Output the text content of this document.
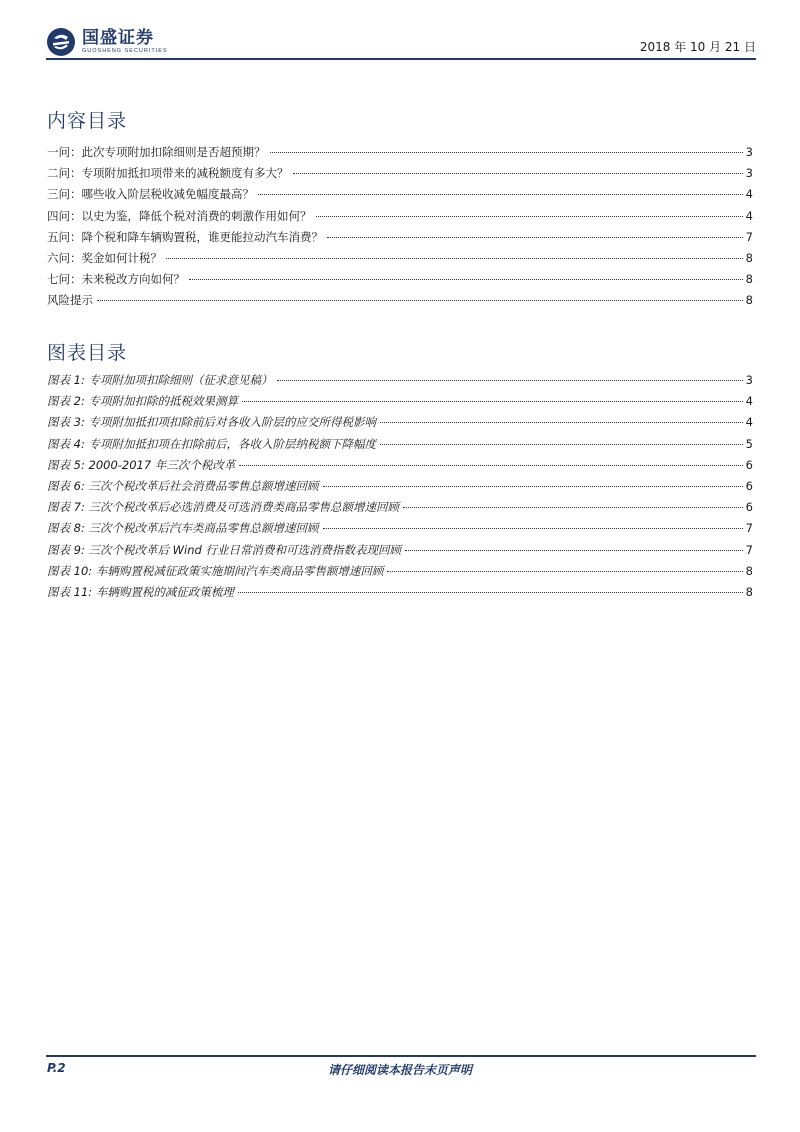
国盛证券
GUOSHENG SECURITIES	2018 年 10 月 21 日
内容目录
一问：此次专项附加扣除细则是否超预期？	3
二问：专项附加抵扣项带来的减税额度有多大？	3
三问：哪些收入阶层税收减免幅度最高？	4
四问：以史为鉴，降低个税对消费的刺激作用如何？	4
五问：降个税和降车辆购置税，谁更能拉动汽车消费？	7
六问：奖金如何计税？	8
七问：未来税改方向如何？	8
风险提示	8
图表目录
图表 1: 专项附加项扣除细则（征求意见稿）	3
图表 2: 专项附加扣除的抵税效果测算	4
图表 3: 专项附加抵扣项扣除前后对各收入阶层的应交所得税影响	4
图表 4: 专项附加抵扣项在扣除前后，各收入阶层纳税额下降幅度	5
图表 5: 2000-2017 年三次个税改革	6
图表 6: 三次个税改革后社会消费品零售总额增速回顾	6
图表 7: 三次个税改革后必选消费及可选消费类商品零售总额增速回顾	6
图表 8: 三次个税改革后汽车类商品零售总额增速回顾	7
图表 9: 三次个税改革后 Wind 行业日常消费和可选消费指数表现回顾	7
图表 10: 车辆购置税减征政策实施期间汽车类商品零售额增速回顾	8
图表 11: 车辆购置税的减征政策梳理	8
P.2	请仔细阅读本报告末页声明
